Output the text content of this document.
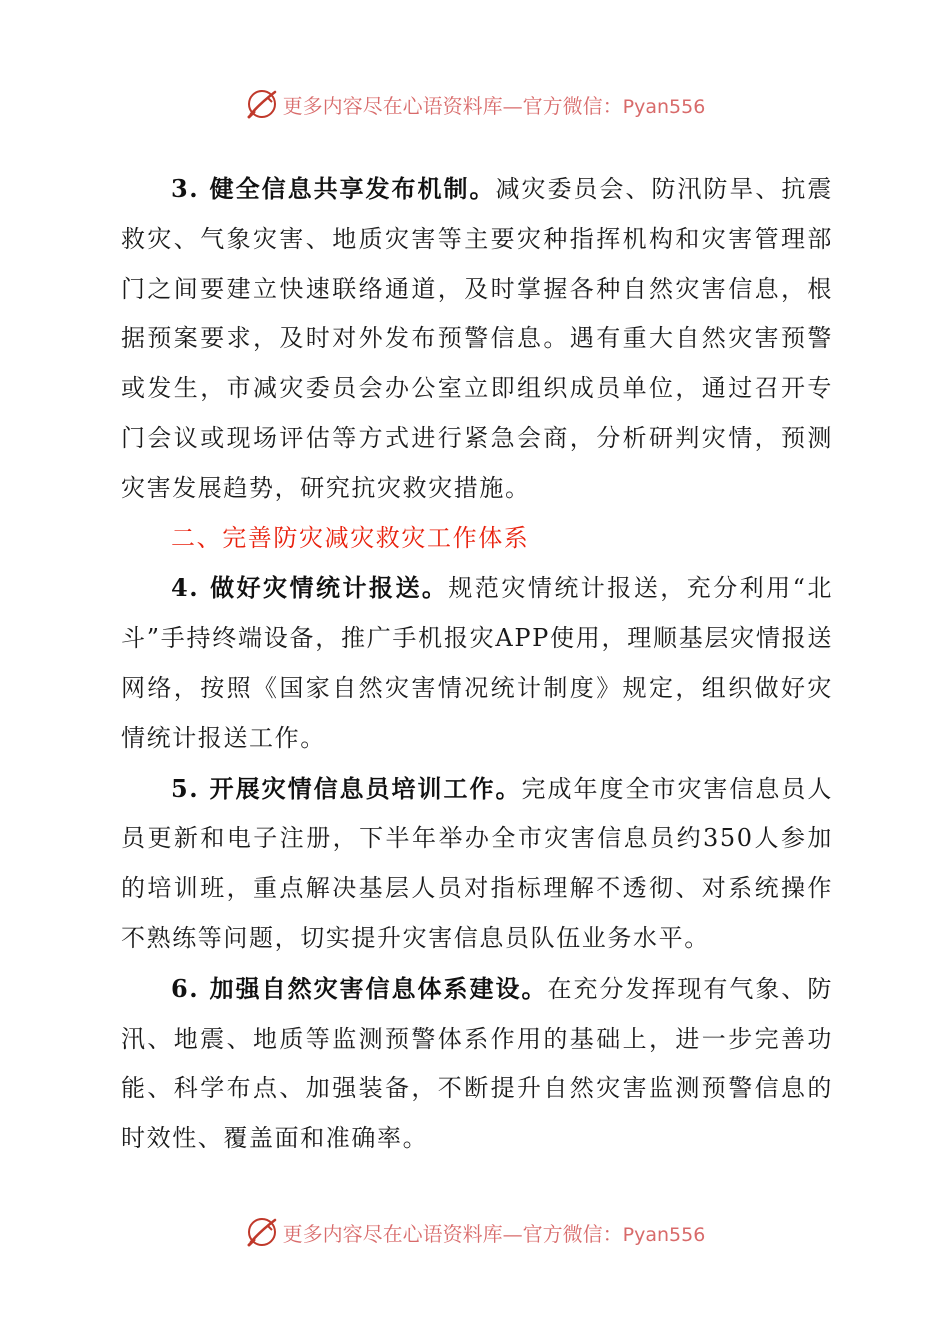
更多内容尽在心语资料库—官方微信：Pyan556

3. 健全信息共享发布机制。减灾委员会、防汛防旱、抗震救灾、气象灾害、地质灾害等主要灾种指挥机构和灾害管理部门之间要建立快速联络通道，及时掌握各种自然灾害信息，根据预案要求，及时对外发布预警信息。遇有重大自然灾害预警或发生，市减灾委员会办公室立即组织成员单位，通过召开专门会议或现场评估等方式进行紧急会商，分析研判灾情，预测灾害发展趋势，研究抗灾救灾措施。

二、完善防灾减灾救灾工作体系

4. 做好灾情统计报送。规范灾情统计报送，充分利用“北斗”手持终端设备，推广手机报灾APP使用，理顺基层灾情报送网络，按照《国家自然灾害情况统计制度》规定，组织做好灾情统计报送工作。

5. 开展灾情信息员培训工作。完成年度全市灾害信息员人员更新和电子注册，下半年举办全市灾害信息员约350人参加的培训班，重点解决基层人员对指标理解不透彻、对系统操作不熟练等问题，切实提升灾害信息员队伍业务水平。

6. 加强自然灾害信息体系建设。在充分发挥现有气象、防汛、地震、地质等监测预警体系作用的基础上，进一步完善功能、科学布点、加强装备，不断提升自然灾害监测预警信息的时效性、覆盖面和准确率。

更多内容尽在心语资料库—官方微信：Pyan556
